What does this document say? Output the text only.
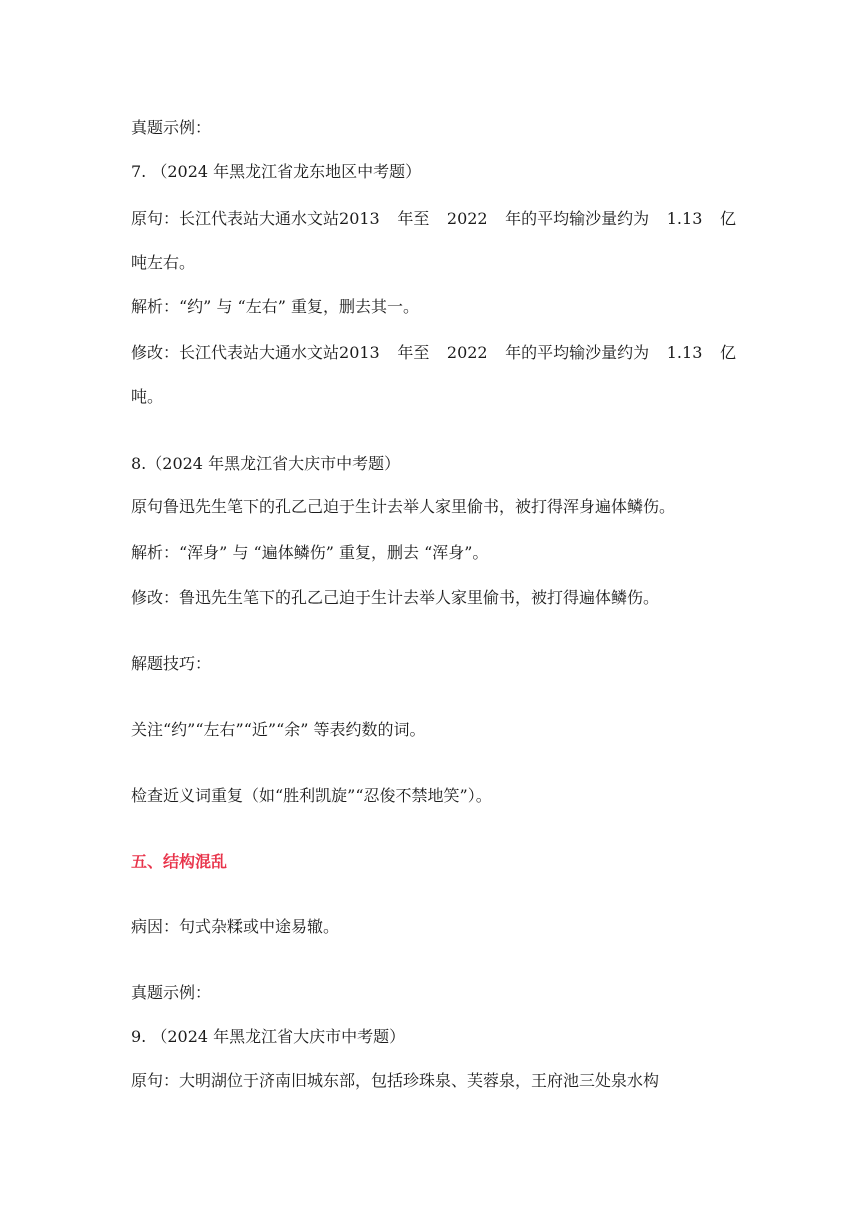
真题示例：
7. （2024 年黑龙江省龙东地区中考题）
原句：长江代表站大通水文站2013 年至 2022 年的平均输沙量约为 1.13 亿
吨左右。
解析：“约” 与 “左右” 重复，删去其一。
修改：长江代表站大通水文站2013 年至 2022 年的平均输沙量约为 1.13 亿
吨。
8.（2024 年黑龙江省大庆市中考题）
原句鲁迅先生笔下的孔乙己迫于生计去举人家里偷书，被打得浑身遍体鳞伤。
解析：“浑身” 与 “遍体鳞伤” 重复，删去 “浑身”。
修改：鲁迅先生笔下的孔乙己迫于生计去举人家里偷书，被打得遍体鳞伤。
解题技巧：
关注“约”“左右”“近”“余” 等表约数的词。
检查近义词重复（如“胜利凯旋”“忍俊不禁地笑”）。
五、结构混乱
病因：句式杂糅或中途易辙。
真题示例：
9. （2024 年黑龙江省大庆市中考题）
原句：大明湖位于济南旧城东部，包括珍珠泉、芙蓉泉，王府池三处泉水构
